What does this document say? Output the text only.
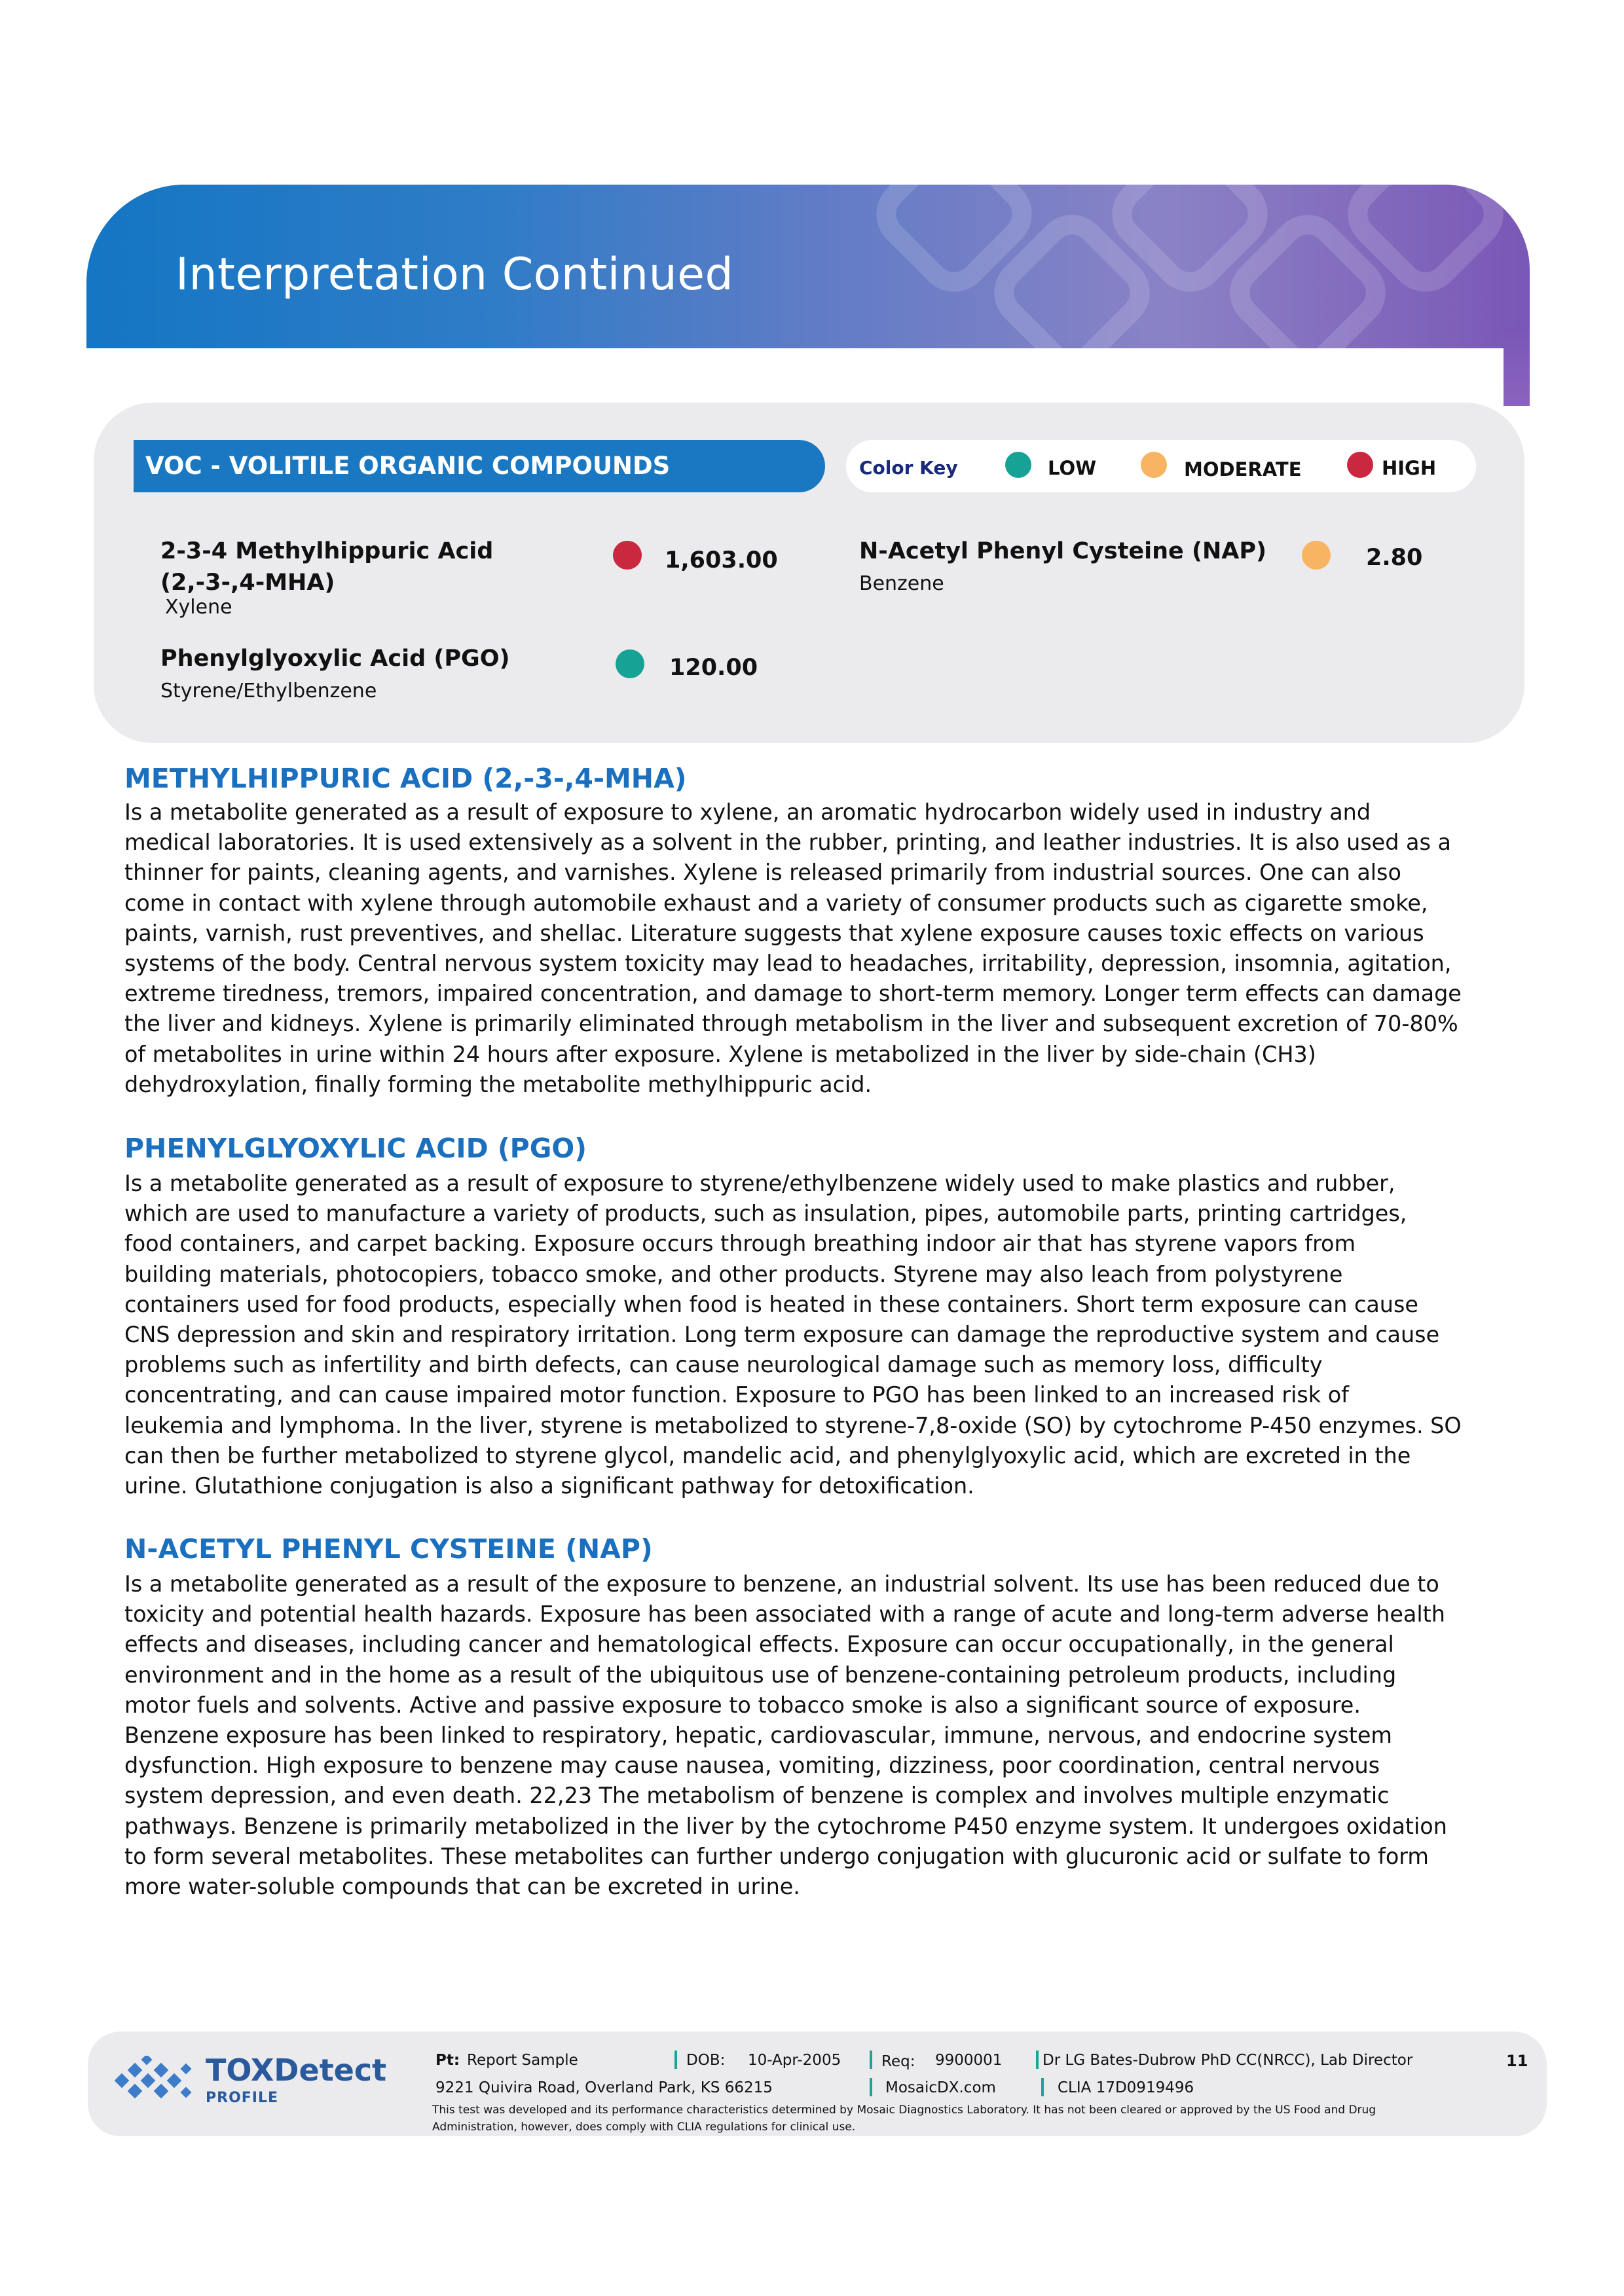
Interpretation Continued
VOC - VOLITILE ORGANIC COMPOUNDS	Color Key	LOW	MODERATE	HIGH
2-3-4 Methylhippuric Acid (2,-3-,4-MHA)
Xylene
1,603.00
Phenylglyoxylic Acid (PGO)
Styrene/Ethylbenzene
120.00
N-Acetyl Phenyl Cysteine (NAP)
Benzene
2.80
METHYLHIPPURIC ACID (2,-3-,4-MHA)

Is a metabolite generated as a result of exposure to xylene, an aromatic hydrocarbon widely used in industry and
medical laboratories. It is used extensively as a solvent in the rubber, printing, and leather industries. It is also used as a
thinner for paints, cleaning agents, and varnishes. Xylene is released primarily from industrial sources. One can also
come in contact with xylene through automobile exhaust and a variety of consumer products such as cigarette smoke,
paints, varnish, rust preventives, and shellac. Literature suggests that xylene exposure causes toxic effects on various
systems of the body. Central nervous system toxicity may lead to headaches, irritability, depression, insomnia, agitation,
extreme tiredness, tremors, impaired concentration, and damage to short-term memory. Longer term effects can damage
the liver and kidneys. Xylene is primarily eliminated through metabolism in the liver and subsequent excretion of 70-80%
of metabolites in urine within 24 hours after exposure. Xylene is metabolized in the liver by side-chain (CH3)
dehydroxylation, finally forming the metabolite methylhippuric acid.

PHENYLGLYOXYLIC ACID (PGO)

Is a metabolite generated as a result of exposure to styrene/ethylbenzene widely used to make plastics and rubber,
which are used to manufacture a variety of products, such as insulation, pipes, automobile parts, printing cartridges,
food containers, and carpet backing. Exposure occurs through breathing indoor air that has styrene vapors from
building materials, photocopiers, tobacco smoke, and other products. Styrene may also leach from polystyrene
containers used for food products, especially when food is heated in these containers. Short term exposure can cause
CNS depression and skin and respiratory irritation. Long term exposure can damage the reproductive system and cause
problems such as infertility and birth defects, can cause neurological damage such as memory loss, difficulty
concentrating, and can cause impaired motor function. Exposure to PGO has been linked to an increased risk of
leukemia and lymphoma. In the liver, styrene is metabolized to styrene-7,8-oxide (SO) by cytochrome P-450 enzymes. SO
can then be further metabolized to styrene glycol, mandelic acid, and phenylglyoxylic acid, which are excreted in the
urine. Glutathione conjugation is also a significant pathway for detoxification.

N-ACETYL PHENYL CYSTEINE (NAP)

Is a metabolite generated as a result of the exposure to benzene, an industrial solvent. Its use has been reduced due to
toxicity and potential health hazards. Exposure has been associated with a range of acute and long-term adverse health
effects and diseases, including cancer and hematological effects. Exposure can occur occupationally, in the general
environment and in the home as a result of the ubiquitous use of benzene-containing petroleum products, including
motor fuels and solvents. Active and passive exposure to tobacco smoke is also a significant source of exposure.
Benzene exposure has been linked to respiratory, hepatic, cardiovascular, immune, nervous, and endocrine system
dysfunction. High exposure to benzene may cause nausea, vomiting, dizziness, poor coordination, central nervous
system depression, and even death. 22,23 The metabolism of benzene is complex and involves multiple enzymatic
pathways. Benzene is primarily metabolized in the liver by the cytochrome P450 enzyme system. It undergoes oxidation
to form several metabolites. These metabolites can further undergo conjugation with glucuronic acid or sulfate to form
more water-soluble compounds that can be excreted in urine.

TOXDetect
PROFILE
Pt: Report Sample	DOB: 10-Apr-2005	Req: 9900001	Dr LG Bates-Dubrow PhD CC(NRCC), Lab Director
9221 Quivira Road, Overland Park, KS 66215	MosaicDX.com	CLIA 17D0919496

This test was developed and its performance characteristics determined by Mosaic Diagnostics Laboratory. It has not been cleared or approved by the US Food and Drug Administration, however, does comply with CLIA regulations for clinical use.

11
